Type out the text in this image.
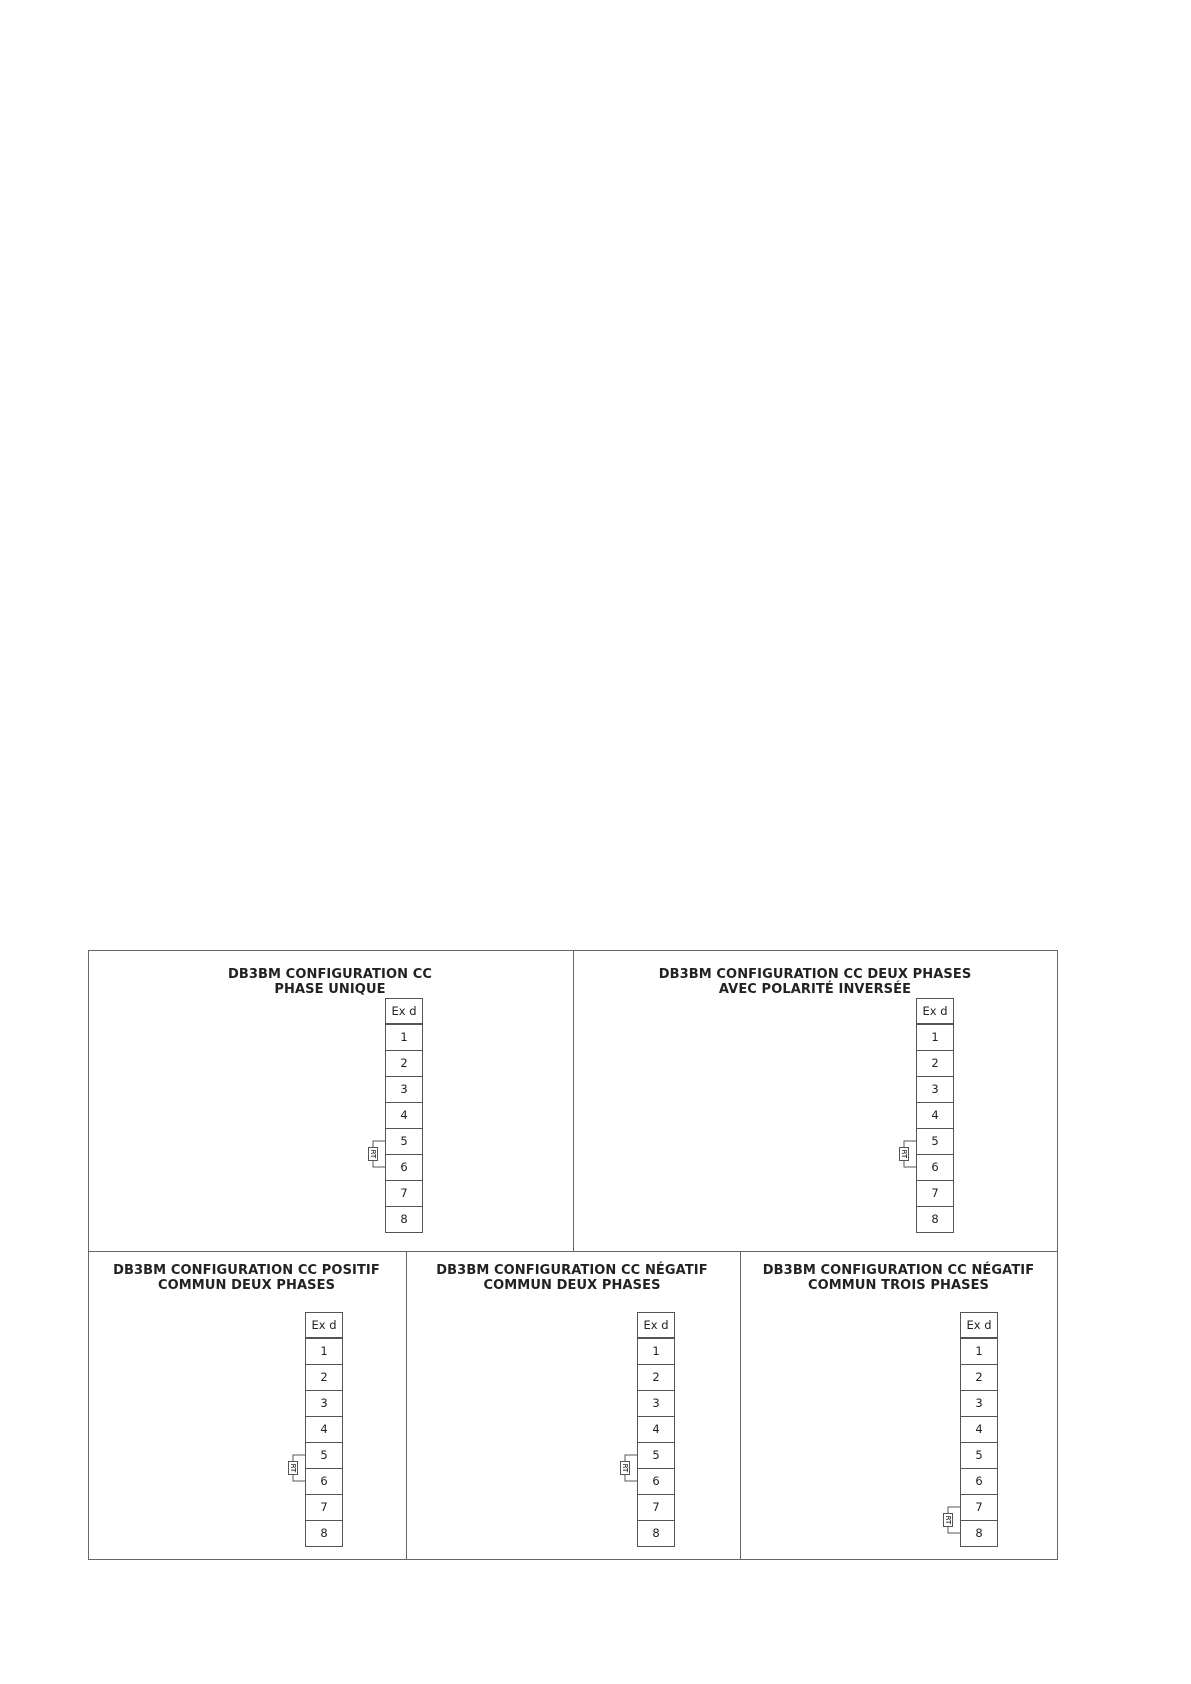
DB3BM CONFIGURATION CC
PHASE UNIQUE
Ex d
1
2
3
4
5
6
7
8
RT
DB3BM CONFIGURATION CC DEUX PHASES
AVEC POLARITÉ INVERSÉE
Ex d
1
2
3
4
5
6
7
8
RT
DB3BM CONFIGURATION CC POSITIF
COMMUN DEUX PHASES
Ex d
1
2
3
4
5
6
7
8
RT
DB3BM CONFIGURATION CC NÉGATIF
COMMUN DEUX PHASES
Ex d
1
2
3
4
5
6
7
8
RT
DB3BM CONFIGURATION CC NÉGATIF
COMMUN TROIS PHASES
Ex d
1
2
3
4
5
6
7
8
RT
